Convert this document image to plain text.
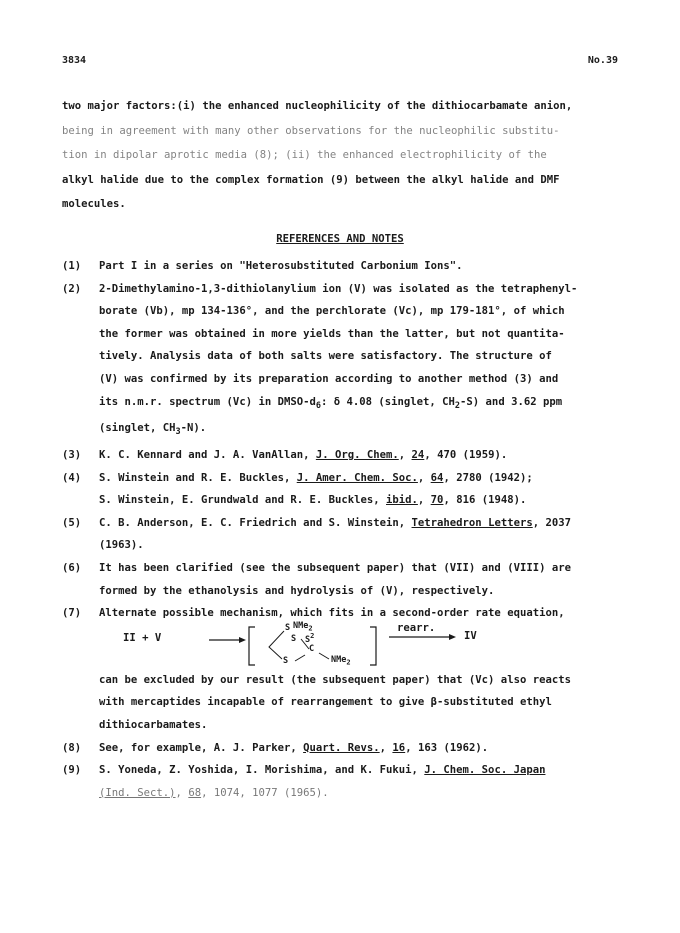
3834	No.39
two major factors:(i) the enhanced nucleophilicity of the dithiocarbamate anion,
being in agreement with many other observations for the nucleophilic substitu-
tion in dipolar aprotic media (8); (ii) the enhanced electrophilicity of the
alkyl halide due to the complex formation (9) between the alkyl halide and DMF
molecules.
REFERENCES AND NOTES
(1)	Part I in a series on "Heterosubstituted Carbonium Ions".
(2)	2-Dimethylamino-1,3-dithiolanylium ion (V) was isolated as the tetraphenyl-
borate (Vb), mp 134-136°, and the perchlorate (Vc), mp 179-181°, of which
the former was obtained in more yields than the latter, but not quantita-
tively. Analysis data of both salts were satisfactory. The structure of
(V) was confirmed by its preparation according to another method (3) and
its n.m.r. spectrum (Vc) in DMSO-$d_6$: δ 4.08 (singlet, $CH_2-S$) and 3.62 ppm
(singlet, $CH_3-N$).
(3)	K. C. Kennard and J. A. VanAllan, J. Org. Chem., 24, 470 (1959).
(4)	S. Winstein and R. E. Buckles, J. Amer. Chem. Soc., 64, 2780 (1942);
S. Winstein, E. Grundwald and R. E. Buckles, ibid., 70, 816 (1948).
(5)	C. B. Anderson, E. C. Friedrich and S. Winstein, Tetrahedron Letters, 2037
(1963).
(6)	It has been clarified (see the subsequent paper) that (VII) and (VIII) are
formed by the ethanolysis and hydrolysis of (V), respectively.
(7)	Alternate possible mechanism, which fits in a second-order rate equation,
II + V
S NMe$_2$
S $S^2$
C
S	NMe$_2$
rearr.
IV
can be excluded by our result (the subsequent paper) that (Vc) also reacts
with mercaptides incapable of rearrangement to give β-substituted ethyl
dithiocarbamates.
(8)	See, for example, A. J. Parker, Quart. Revs., 16, 163 (1962).
(9)	S. Yoneda, Z. Yoshida, I. Morishima, and K. Fukui, J. Chem. Soc. Japan
(Ind. Sect.), 68, 1074, 1077 (1965).
